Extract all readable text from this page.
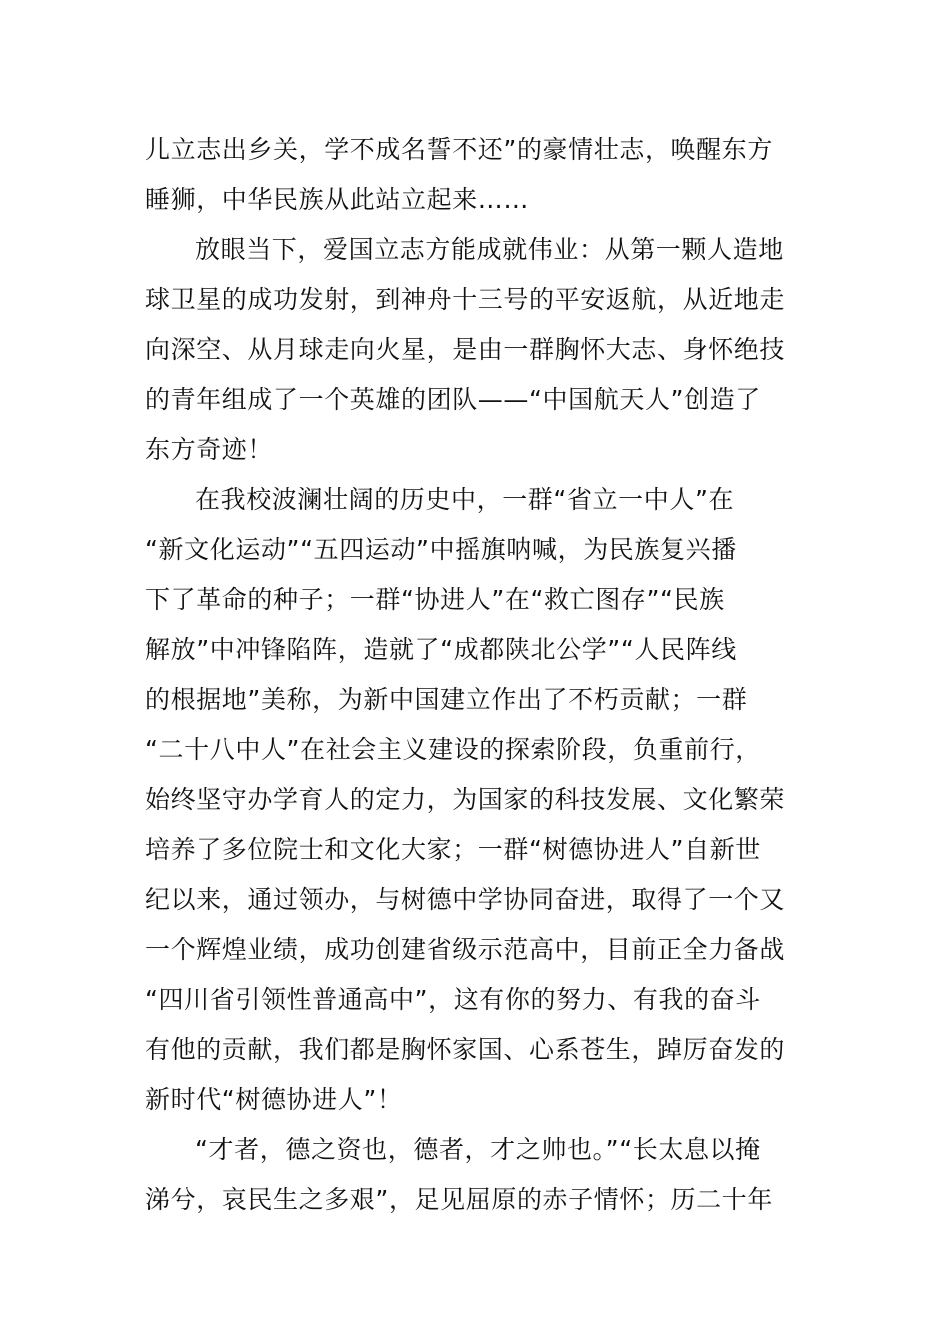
儿立志出乡关，学不成名誓不还”的豪情壮志，唤醒东方
睡狮，中华民族从此站立起来……
放眼当下，爱国立志方能成就伟业：从第一颗人造地
球卫星的成功发射，到神舟十三号的平安返航，从近地走
向深空、从月球走向火星，是由一群胸怀大志、身怀绝技
的青年组成了一个英雄的团队——“中国航天人”创造了
东方奇迹！
在我校波澜壮阔的历史中，一群“省立一中人”在
“新文化运动”“五四运动”中摇旗呐喊，为民族复兴播
下了革命的种子；一群“协进人”在“救亡图存”“民族
解放”中冲锋陷阵，造就了“成都陕北公学”“人民阵线
的根据地”美称，为新中国建立作出了不朽贡献；一群
“二十八中人”在社会主义建设的探索阶段，负重前行，
始终坚守办学育人的定力，为国家的科技发展、文化繁荣
培养了多位院士和文化大家；一群“树德协进人”自新世
纪以来，通过领办，与树德中学协同奋进，取得了一个又
一个辉煌业绩，成功创建省级示范高中，目前正全力备战
“四川省引领性普通高中”，这有你的努力、有我的奋斗
有他的贡献，我们都是胸怀家国、心系苍生，踔厉奋发的
新时代“树德协进人”！
“才者，德之资也，德者，才之帅也。”“长太息以掩
涕兮，哀民生之多艰”，足见屈原的赤子情怀；历二十年
